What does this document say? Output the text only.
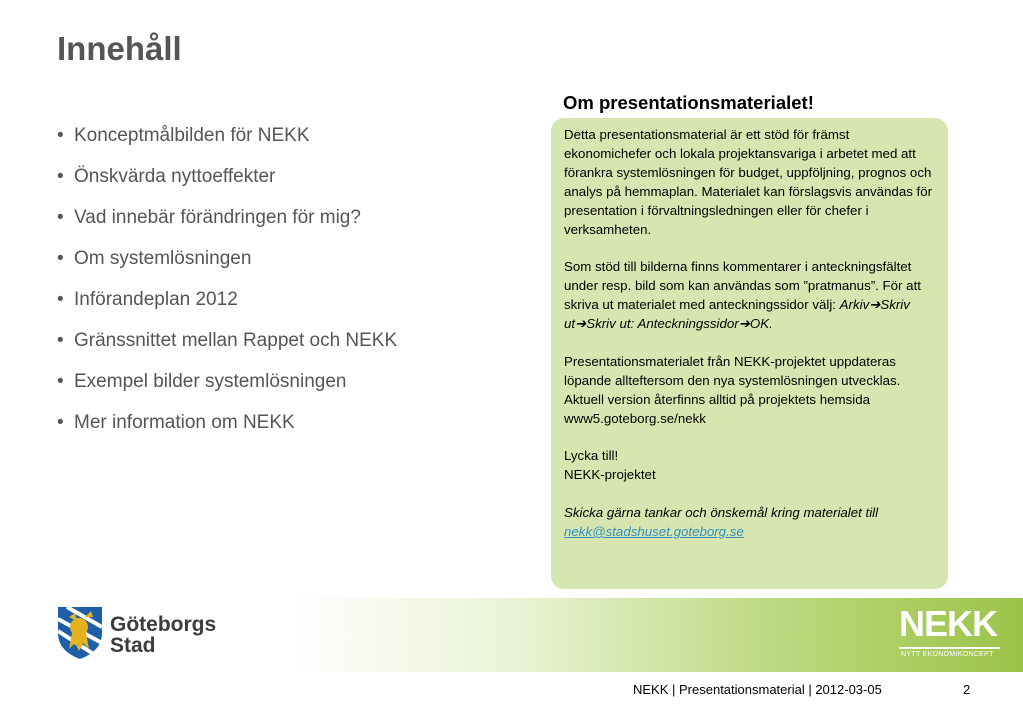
Innehåll
• Konceptmålbilden för NEKK
• Önskvärda nyttoeffekter
• Vad innebär förändringen för mig?
• Om systemlösningen
• Införandeplan 2012
• Gränssnittet mellan Rappet och NEKK
• Exempel bilder systemlösningen
• Mer information om NEKK
Om presentationsmaterialet!

Detta presentationsmaterial är ett stöd för främst ekonomichefer och lokala projektansvariga i arbetet med att förankra systemlösningen för budget, uppföljning, prognos och analys på hemmaplan. Materialet kan förslagsvis användas för presentation i förvaltningsledningen eller för chefer i verksamheten.

Som stöd till bilderna finns kommentarer i anteckningsfältet under resp. bild som kan användas som ”pratmanus”. För att skriva ut materialet med anteckningssidor välj: Arkiv➔Skriv ut➔Skriv ut: Anteckningssidor➔OK.

Presentationsmaterialet från NEKK-projektet uppdateras löpande allteftersom den nya systemlösningen utvecklas. Aktuell version återfinns alltid på projektets hemsida www5.goteborg.se/nekk

Lycka till!
NEKK-projektet

Skicka gärna tankar och önskemål kring materialet till
nekk@stadshuset.goteborg.se

Göteborgs
Stad
NEKK
NYTT EKONOMIKONCEPT
NEKK | Presentationsmaterial | 2012-03-05	2
